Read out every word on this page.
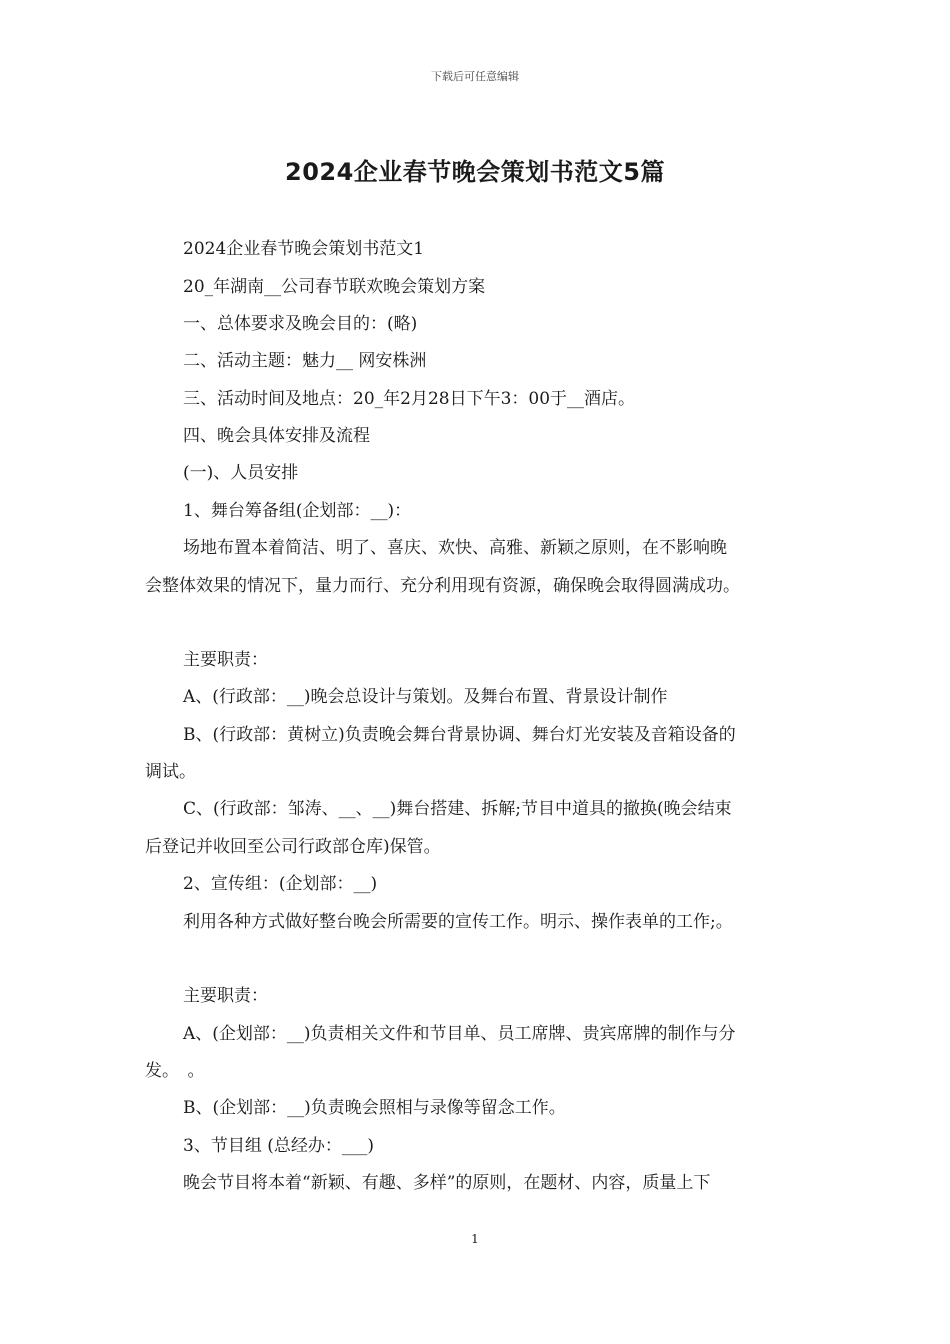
下载后可任意编辑
2024企业春节晚会策划书范文5篇
2024企业春节晚会策划书范文1
20_年湖南__公司春节联欢晚会策划方案
一、总体要求及晚会目的：(略)
二、活动主题：魅力__ 网安株洲
三、活动时间及地点：20_年2月28日下午3：00于__酒店。
四、晚会具体安排及流程
(一)、人员安排
1、舞台筹备组(企划部：__)：
场地布置本着简洁、明了、喜庆、欢快、高雅、新颖之原则，在不影响晚
会整体效果的情况下，量力而行、充分利用现有资源，确保晚会取得圆满成功。
主要职责：
A、(行政部：__)晚会总设计与策划。及舞台布置、背景设计制作
B、(行政部：黄树立)负责晚会舞台背景协调、舞台灯光安装及音箱设备的
调试。
C、(行政部：邹涛、__、__)舞台搭建、拆解;节目中道具的撤换(晚会结束
后登记并收回至公司行政部仓库)保管。
2、宣传组：(企划部：__)
利用各种方式做好整台晚会所需要的宣传工作。明示、操作表单的工作;。
主要职责：
A、(企划部：__)负责相关文件和节目单、员工席牌、贵宾席牌的制作与分
发。　。
B、(企划部：__)负责晚会照相与录像等留念工作。
3、节目组 (总经办：___)
晚会节目将本着“新颖、有趣、多样”的原则，在题材、内容，质量上下
1
